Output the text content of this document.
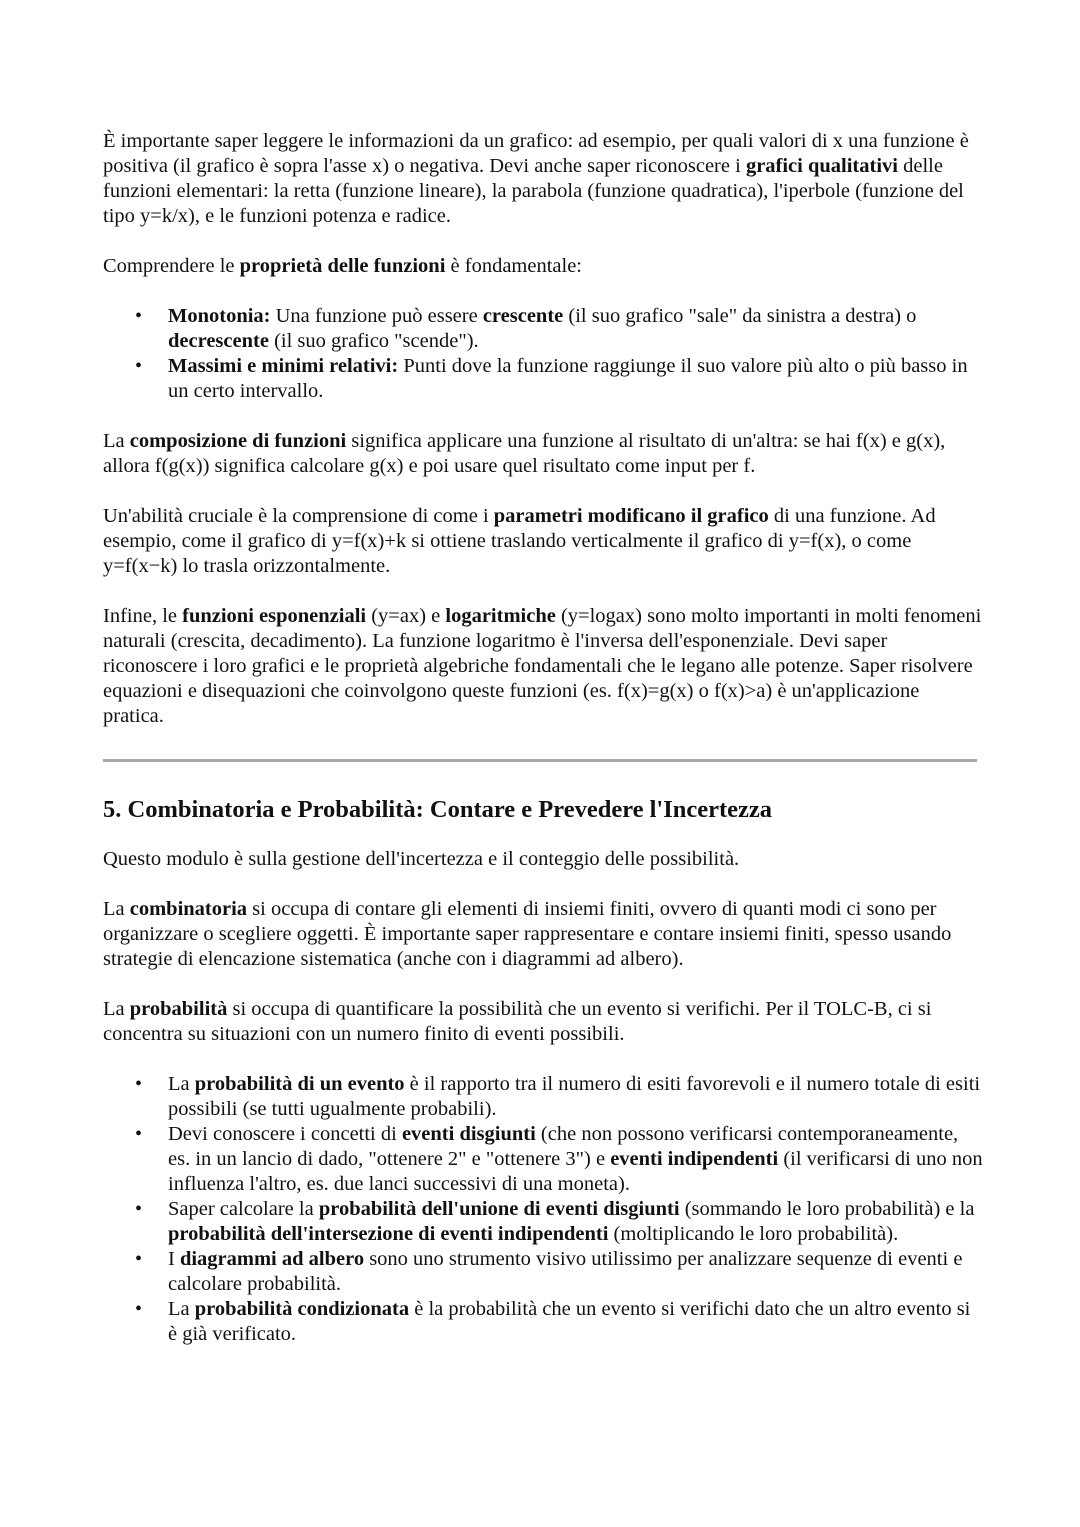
È importante saper leggere le informazioni da un grafico: ad esempio, per quali valori di x una funzione è positiva (il grafico è sopra l'asse x) o negativa. Devi anche saper riconoscere i grafici qualitativi delle funzioni elementari: la retta (funzione lineare), la parabola (funzione quadratica), l'iperbole (funzione del tipo y=k/x), e le funzioni potenza e radice.

Comprendere le proprietà delle funzioni è fondamentale:

• Monotonia: Una funzione può essere crescente (il suo grafico "sale" da sinistra a destra) o decrescente (il suo grafico "scende").
• Massimi e minimi relativi: Punti dove la funzione raggiunge il suo valore più alto o più basso in un certo intervallo.

La composizione di funzioni significa applicare una funzione al risultato di un'altra: se hai f(x) e g(x), allora f(g(x)) significa calcolare g(x) e poi usare quel risultato come input per f.

Un'abilità cruciale è la comprensione di come i parametri modificano il grafico di una funzione. Ad esempio, come il grafico di y=f(x)+k si ottiene traslando verticalmente il grafico di y=f(x), o come y=f(x−k) lo trasla orizzontalmente.

Infine, le funzioni esponenziali (y=ax) e logaritmiche (y=logax) sono molto importanti in molti fenomeni naturali (crescita, decadimento). La funzione logaritmo è l'inversa dell'esponenziale. Devi saper riconoscere i loro grafici e le proprietà algebriche fondamentali che le legano alle potenze. Saper risolvere equazioni e disequazioni che coinvolgono queste funzioni (es. f(x)=g(x) o f(x)>a) è un'applicazione pratica.

5. Combinatoria e Probabilità: Contare e Prevedere l'Incertezza

Questo modulo è sulla gestione dell'incertezza e il conteggio delle possibilità.

La combinatoria si occupa di contare gli elementi di insiemi finiti, ovvero di quanti modi ci sono per organizzare o scegliere oggetti. È importante saper rappresentare e contare insiemi finiti, spesso usando strategie di elencazione sistematica (anche con i diagrammi ad albero).

La probabilità si occupa di quantificare la possibilità che un evento si verifichi. Per il TOLC-B, ci si concentra su situazioni con un numero finito di eventi possibili.

• La probabilità di un evento è il rapporto tra il numero di esiti favorevoli e il numero totale di esiti possibili (se tutti ugualmente probabili).
• Devi conoscere i concetti di eventi disgiunti (che non possono verificarsi contemporaneamente, es. in un lancio di dado, "ottenere 2" e "ottenere 3") e eventi indipendenti (il verificarsi di uno non influenza l'altro, es. due lanci successivi di una moneta).
• Saper calcolare la probabilità dell'unione di eventi disgiunti (sommando le loro probabilità) e la probabilità dell'intersezione di eventi indipendenti (moltiplicando le loro probabilità).
• I diagrammi ad albero sono uno strumento visivo utilissimo per analizzare sequenze di eventi e calcolare probabilità.
• La probabilità condizionata è la probabilità che un evento si verifichi dato che un altro evento si è già verificato.
